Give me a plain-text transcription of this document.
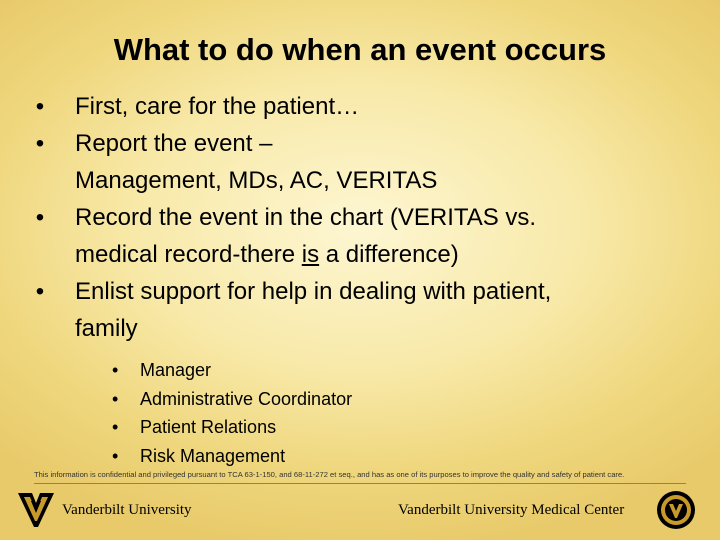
What to do when an event occurs
• First, care for the patient…
• Report the event –
Management, MDs, AC, VERITAS
• Record the event in the chart (VERITAS vs.
medical record-there is a difference)
• Enlist support for help in dealing with patient,
family
• Manager
• Administrative Coordinator
• Patient Relations
• Risk Management
This information is confidential and privileged pursuant to TCA 63-1-150, and 68-11-272 et seq., and has as one of its purposes to improve the quality and safety of patient care.
Vanderbilt University	Vanderbilt University Medical Center
